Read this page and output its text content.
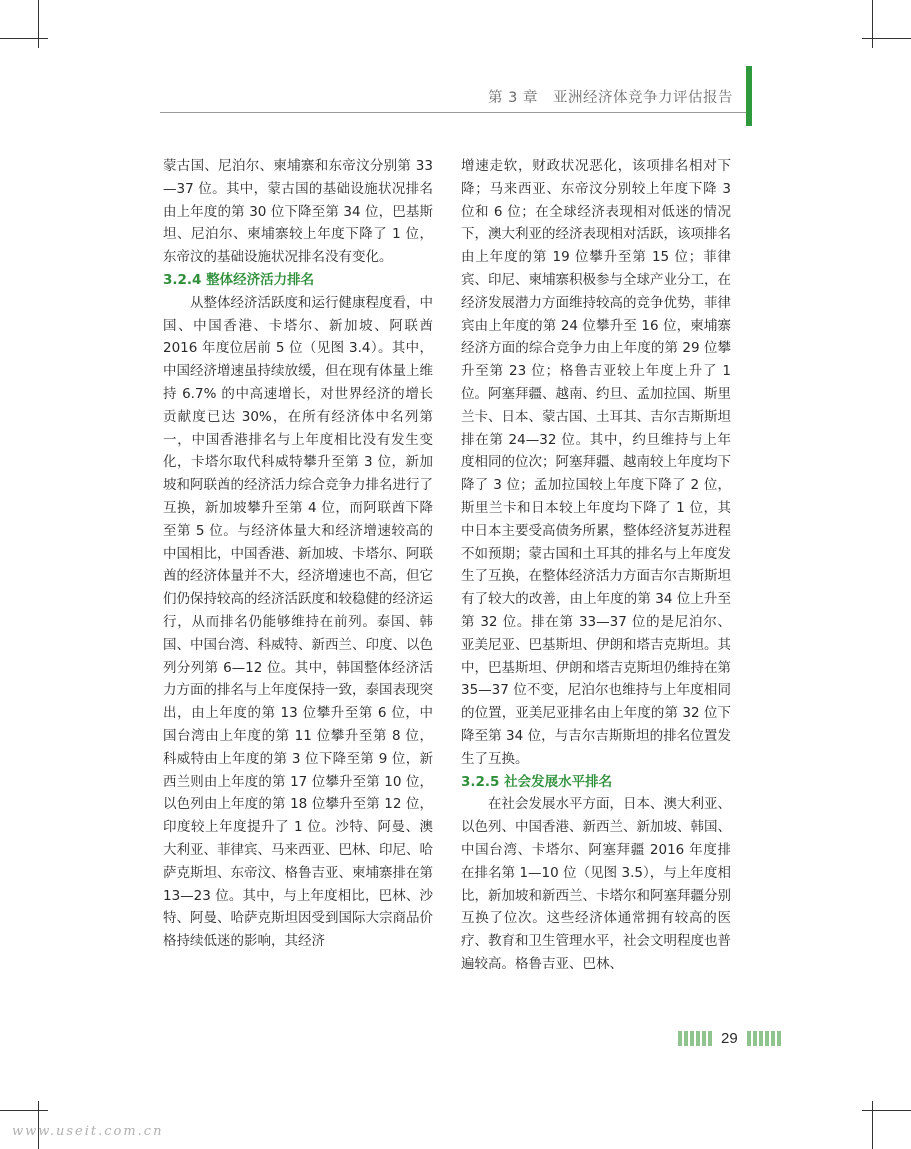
第 3 章　亚洲经济体竞争力评估报告

蒙古国、尼泊尔、柬埔寨和东帝汶分别第 33—37 位。其中，蒙古国的基础设施状况排名由上年度的第 30 位下降至第 34 位，巴基斯坦、尼泊尔、柬埔寨较上年度下降了 1 位，东帝汶的基础设施状况排名没有变化。

3.2.4 整体经济活力排名

从整体经济活跃度和运行健康程度看，中国、中国香港、卡塔尔、新加坡、阿联酋 2016 年度位居前 5 位（见图 3.4）。其中，中国经济增速虽持续放缓，但在现有体量上维持 6.7% 的中高速增长，对世界经济的增长贡献度已达 30%，在所有经济体中名列第一，中国香港排名与上年度相比没有发生变化，卡塔尔取代科威特攀升至第 3 位，新加坡和阿联酋的经济活力综合竞争力排名进行了互换，新加坡攀升至第 4 位，而阿联酋下降至第 5 位。与经济体量大和经济增速较高的中国相比，中国香港、新加坡、卡塔尔、阿联酋的经济体量并不大，经济增速也不高，但它们仍保持较高的经济活跃度和较稳健的经济运行，从而排名仍能够维持在前列。泰国、韩国、中国台湾、科威特、新西兰、印度、以色列分列第 6—12 位。其中，韩国整体经济活力方面的排名与上年度保持一致，泰国表现突出，由上年度的第 13 位攀升至第 6 位，中国台湾由上年度的第 11 位攀升至第 8 位，科威特由上年度的第 3 位下降至第 9 位，新西兰则由上年度的第 17 位攀升至第 10 位，以色列由上年度的第 18 位攀升至第 12 位，印度较上年度提升了 1 位。沙特、阿曼、澳大利亚、菲律宾、马来西亚、巴林、印尼、哈萨克斯坦、东帝汶、格鲁吉亚、柬埔寨排在第 13—23 位。其中，与上年度相比，巴林、沙特、阿曼、哈萨克斯坦因受到国际大宗商品价格持续低迷的影响，其经济

增速走软，财政状况恶化，该项排名相对下降；马来西亚、东帝汶分别较上年度下降 3 位和 6 位；在全球经济表现相对低迷的情况下，澳大利亚的经济表现相对活跃，该项排名由上年度的第 19 位攀升至第 15 位；菲律宾、印尼、柬埔寨积极参与全球产业分工，在经济发展潜力方面维持较高的竞争优势，菲律宾由上年度的第 24 位攀升至 16 位，柬埔寨经济方面的综合竞争力由上年度的第 29 位攀升至第 23 位；格鲁吉亚较上年度上升了 1 位。阿塞拜疆、越南、约旦、孟加拉国、斯里兰卡、日本、蒙古国、土耳其、吉尔吉斯斯坦排在第 24—32 位。其中，约旦维持与上年度相同的位次；阿塞拜疆、越南较上年度均下降了 3 位；孟加拉国较上年度下降了 2 位，斯里兰卡和日本较上年度均下降了 1 位，其中日本主要受高债务所累，整体经济复苏进程不如预期；蒙古国和土耳其的排名与上年度发生了互换，在整体经济活力方面吉尔吉斯斯坦有了较大的改善，由上年度的第 34 位上升至第 32 位。排在第 33—37 位的是尼泊尔、亚美尼亚、巴基斯坦、伊朗和塔吉克斯坦。其中，巴基斯坦、伊朗和塔吉克斯坦仍维持在第 35—37 位不变，尼泊尔也维持与上年度相同的位置，亚美尼亚排名由上年度的第 32 位下降至第 34 位，与吉尔吉斯斯坦的排名位置发生了互换。

3.2.5 社会发展水平排名

在社会发展水平方面，日本、澳大利亚、以色列、中国香港、新西兰、新加坡、韩国、中国台湾、卡塔尔、阿塞拜疆 2016 年度排在排名第 1—10 位（见图 3.5），与上年度相比，新加坡和新西兰、卡塔尔和阿塞拜疆分别互换了位次。这些经济体通常拥有较高的医疗、教育和卫生管理水平，社会文明程度也普遍较高。格鲁吉亚、巴林、

29
www.useit.com.cn
